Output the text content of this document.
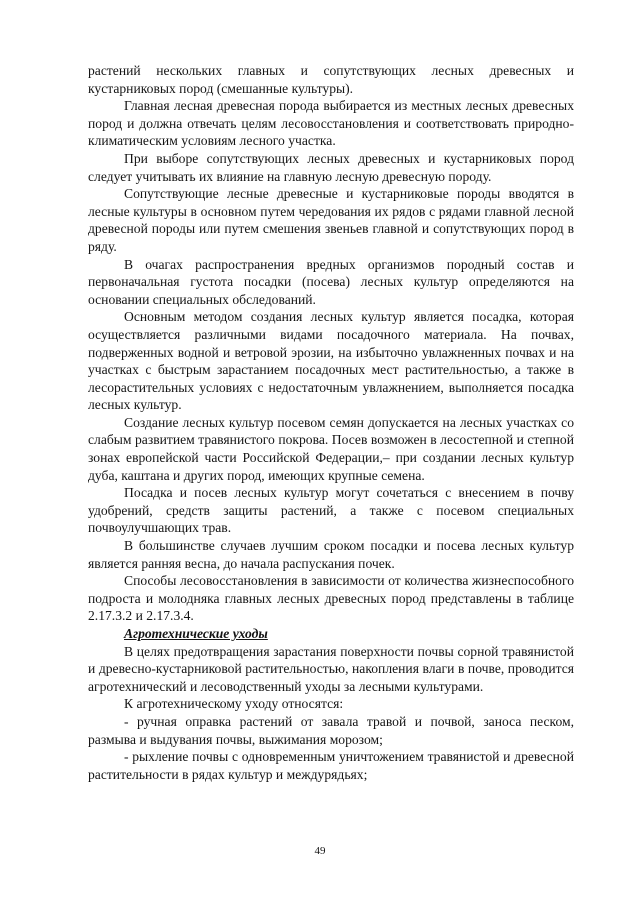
растений нескольких главных и сопутствующих лесных древесных и кустарниковых пород (смешанные культуры).

Главная лесная древесная порода выбирается из местных лесных древесных пород и должна отвечать целям лесовосстановления и соответствовать природно-климатическим условиям лесного участка.

При выборе сопутствующих лесных древесных и кустарниковых пород следует учитывать их влияние на главную лесную древесную породу.

Сопутствующие лесные древесные и кустарниковые породы вводятся в лесные культуры в основном путем чередования их рядов с рядами главной лесной древесной породы или путем смешения звеньев главной и сопутствующих пород в ряду.

В очагах распространения вредных организмов породный состав и первоначальная густота посадки (посева) лесных культур определяются на основании специальных обследований.

Основным методом создания лесных культур является посадка, которая осуществляется различными видами посадочного материала. На почвах, подверженных водной и ветровой эрозии, на избыточно увлажненных почвах и на участках с быстрым зарастанием посадочных мест растительностью, а также в лесорастительных условиях с недостаточным увлажнением, выполняется посадка лесных культур.

Создание лесных культур посевом семян допускается на лесных участках со слабым развитием травянистого покрова. Посев возможен в лесостепной и степной зонах европейской части Российской Федерации,– при создании лесных культур дуба, каштана и других пород, имеющих крупные семена.

Посадка и посев лесных культур могут сочетаться с внесением в почву удобрений, средств защиты растений, а также с посевом специальных почвоулучшающих трав.

В большинстве случаев лучшим сроком посадки и посева лесных культур является ранняя весна, до начала распускания почек.

Способы лесовосстановления в зависимости от количества жизнеспособного подроста и молодняка главных лесных древесных пород представлены в таблице 2.17.3.2 и 2.17.3.4.

Агротехнические уходы

В целях предотвращения зарастания поверхности почвы сорной травянистой и древесно-кустарниковой растительностью, накопления влаги в почве, проводится агротехнический и лесоводственный уходы за лесными культурами.

К агротехническому уходу относятся:

- ручная оправка растений от завала травой и почвой, заноса песком, размыва и выдувания почвы, выжимания морозом;

- рыхление почвы с одновременным уничтожением травянистой и древесной растительности в рядах культур и междурядьях;

49
